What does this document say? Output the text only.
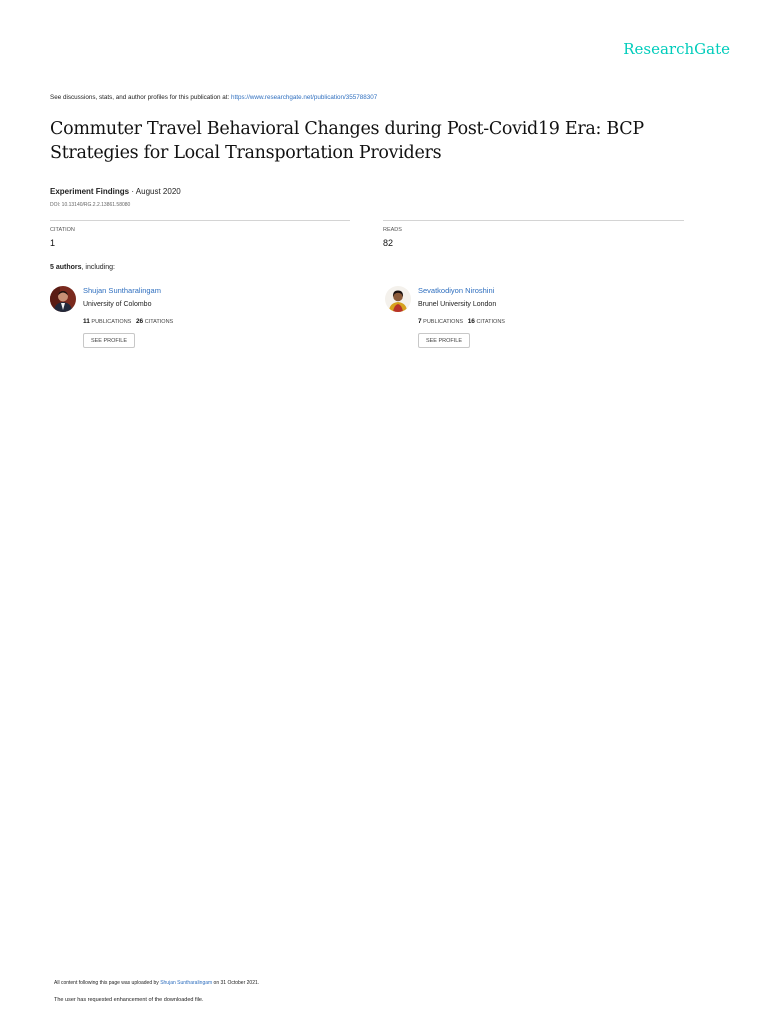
ResearchGate
See discussions, stats, and author profiles for this publication at: https://www.researchgate.net/publication/355788307
Commuter Travel Behavioral Changes during Post-Covid19 Era: BCP Strategies for Local Transportation Providers
Experiment Findings · August 2020
DOI: 10.13140/RG.2.2.13861.58080
CITATION
1
READS
82
5 authors, including:
Shujan Suntharalingam
University of Colombo
11 PUBLICATIONS 26 CITATIONS
SEE PROFILE
Sevatkodiyon Niroshini
Brunel University London
7 PUBLICATIONS 16 CITATIONS
SEE PROFILE
All content following this page was uploaded by Shujan Suntharalingam on 31 October 2021.
The user has requested enhancement of the downloaded file.
